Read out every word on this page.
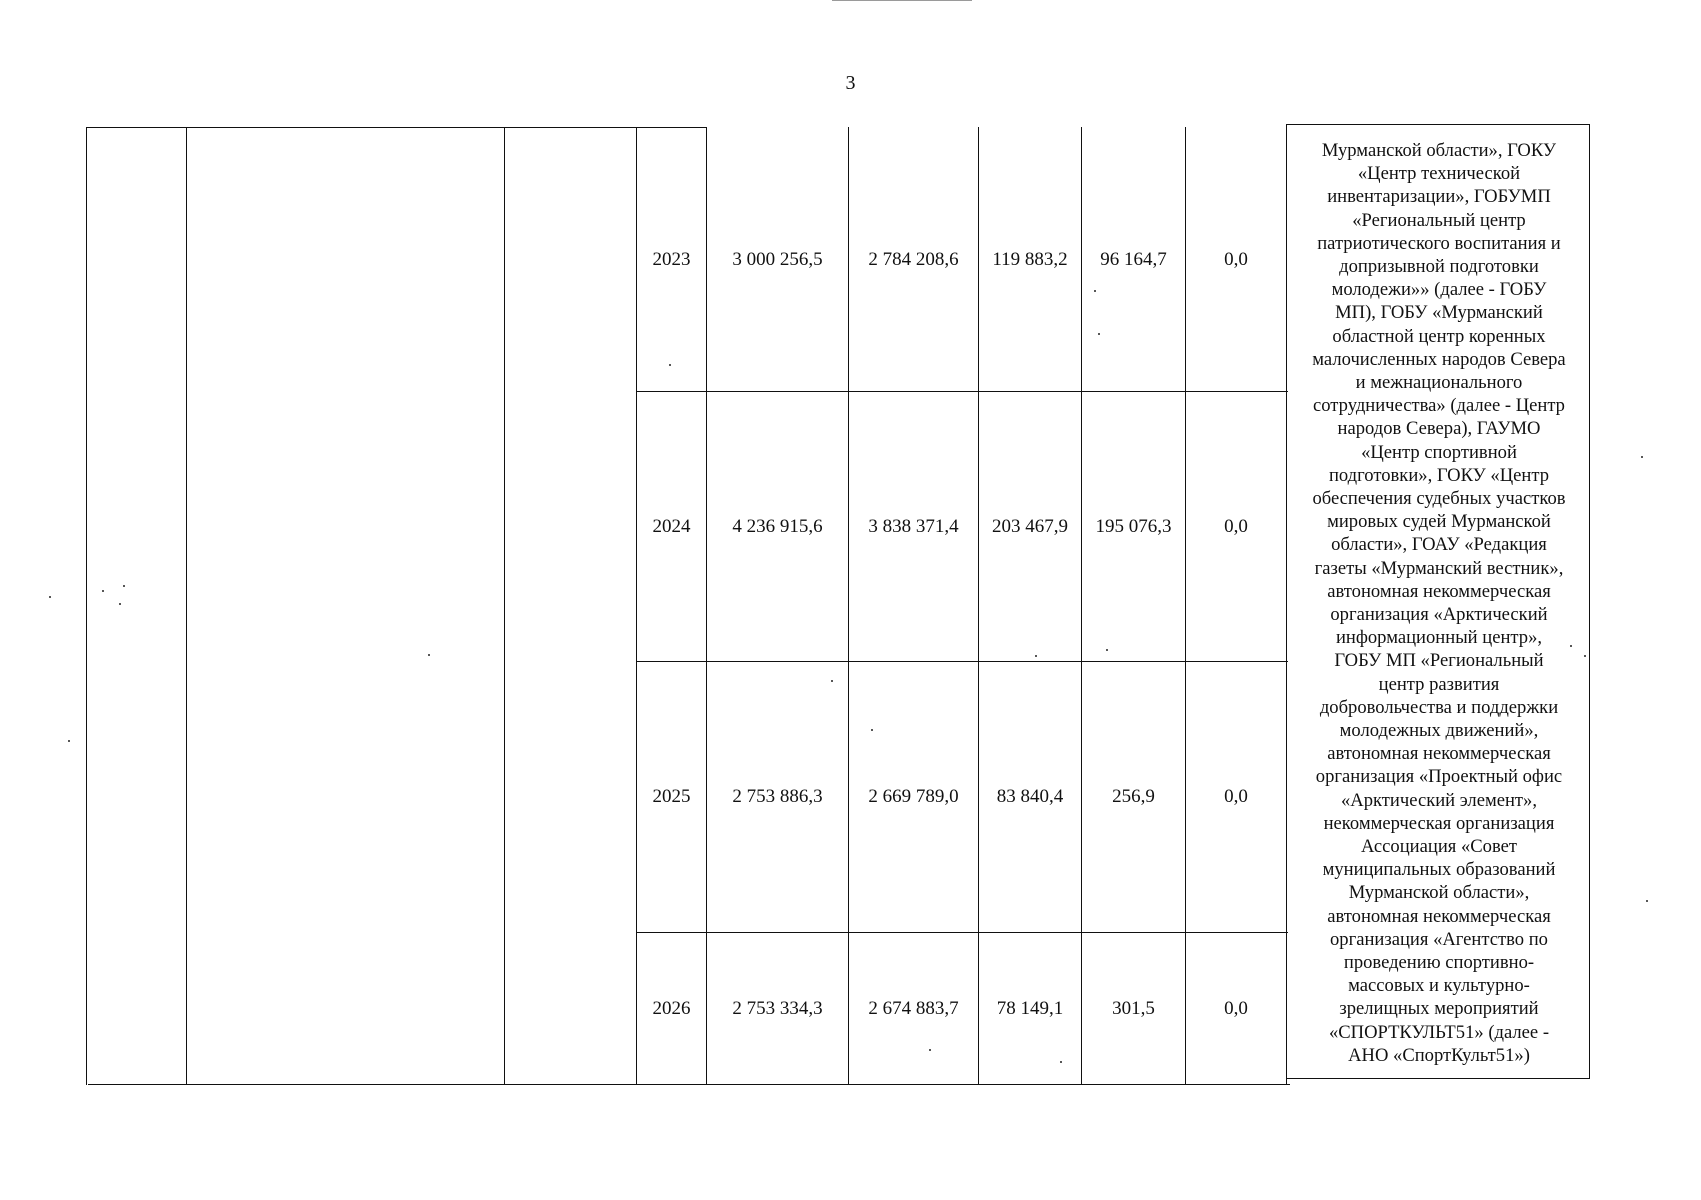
3
2023	3 000 256,5	2 784 208,6	119 883,2	96 164,7	0,0
2024	4 236 915,6	3 838 371,4	203 467,9	195 076,3	0,0
2025	2 753 886,3	2 669 789,0	83 840,4	256,9	0,0
2026	2 753 334,3	2 674 883,7	78 149,1	301,5	0,0
Мурманской области», ГОКУ
«Центр технической
инвентаризации», ГОБУМП
«Региональный центр
патриотического воспитания и
допризывной подготовки
молодежи»» (далее - ГОБУ
МП), ГОБУ «Мурманский
областной центр коренных
малочисленных народов Севера
и межнационального
сотрудничества» (далее - Центр
народов Севера), ГАУМО
«Центр спортивной
подготовки», ГОКУ «Центр
обеспечения судебных участков
мировых судей Мурманской
области», ГОАУ «Редакция
газеты «Мурманский вестник»,
автономная некоммерческая
организация «Арктический
информационный центр»,
ГОБУ МП «Региональный
центр развития
добровольчества и поддержки
молодежных движений»,
автономная некоммерческая
организация «Проектный офис
«Арктический элемент»,
некоммерческая организация
Ассоциация «Совет
муниципальных образований
Мурманской области»,
автономная некоммерческая
организация «Агентство по
проведению спортивно-
массовых и культурно-
зрелищных мероприятий
«СПОРТКУЛЬТ51» (далее -
АНО «СпортКульт51»)
